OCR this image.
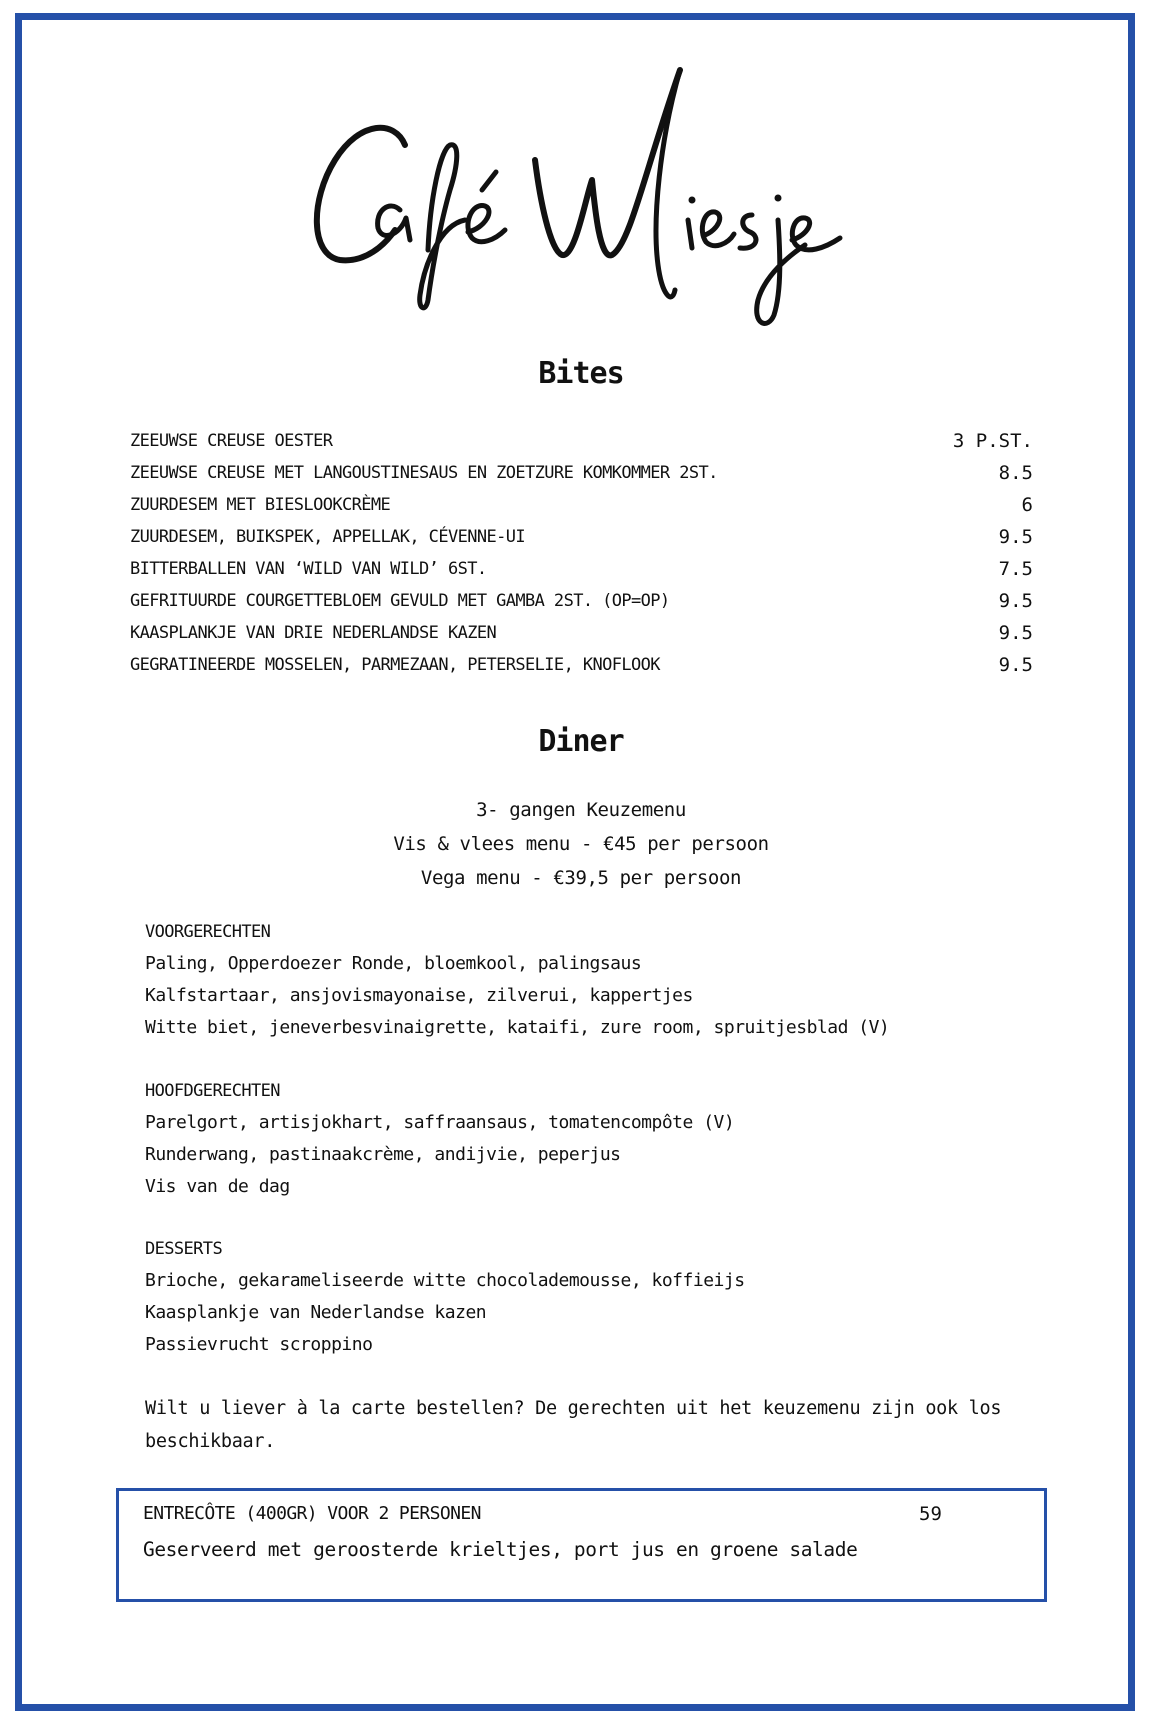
Bites
ZEEUWSE CREUSE OESTER	3 P.ST.
ZEEUWSE CREUSE MET LANGOUSTINESAUS EN ZOETZURE KOMKOMMER 2ST.	8.5
ZUURDESEM MET BIESLOOKCRÈME	6
ZUURDESEM, BUIKSPEK, APPELLAK, CÉVENNE-UI	9.5
BITTERBALLEN VAN ‘WILD VAN WILD’ 6ST.	7.5
GEFRITUURDE COURGETTEBLOEM GEVULD MET GAMBA 2ST. (OP=OP)	9.5
KAASPLANKJE VAN DRIE NEDERLANDSE KAZEN	9.5
GEGRATINEERDE MOSSELEN, PARMEZAAN, PETERSELIE, KNOFLOOK	9.5
Diner
3- gangen Keuzemenu
Vis & vlees menu - €45 per persoon
Vega menu - €39,5 per persoon
VOORGERECHTEN
Paling, Opperdoezer Ronde, bloemkool, palingsaus
Kalfstartaar, ansjovismayonaise, zilverui, kappertjes
Witte biet, jeneverbesvinaigrette, kataifi, zure room, spruitjesblad (V)
HOOFDGERECHTEN
Parelgort, artisjokhart, saffraansaus, tomatencompôte (V)
Runderwang, pastinaakcrème, andijvie, peperjus
Vis van de dag
DESSERTS
Brioche, gekarameliseerde witte chocolademousse, koffieijs
Kaasplankje van Nederlandse kazen
Passievrucht scroppino
Wilt u liever à la carte bestellen? De gerechten uit het keuzemenu zijn ook los beschikbaar.
ENTRECÔTE (400GR) VOOR 2 PERSONEN	59
Geserveerd met geroosterde krieltjes, port jus en groene salade
